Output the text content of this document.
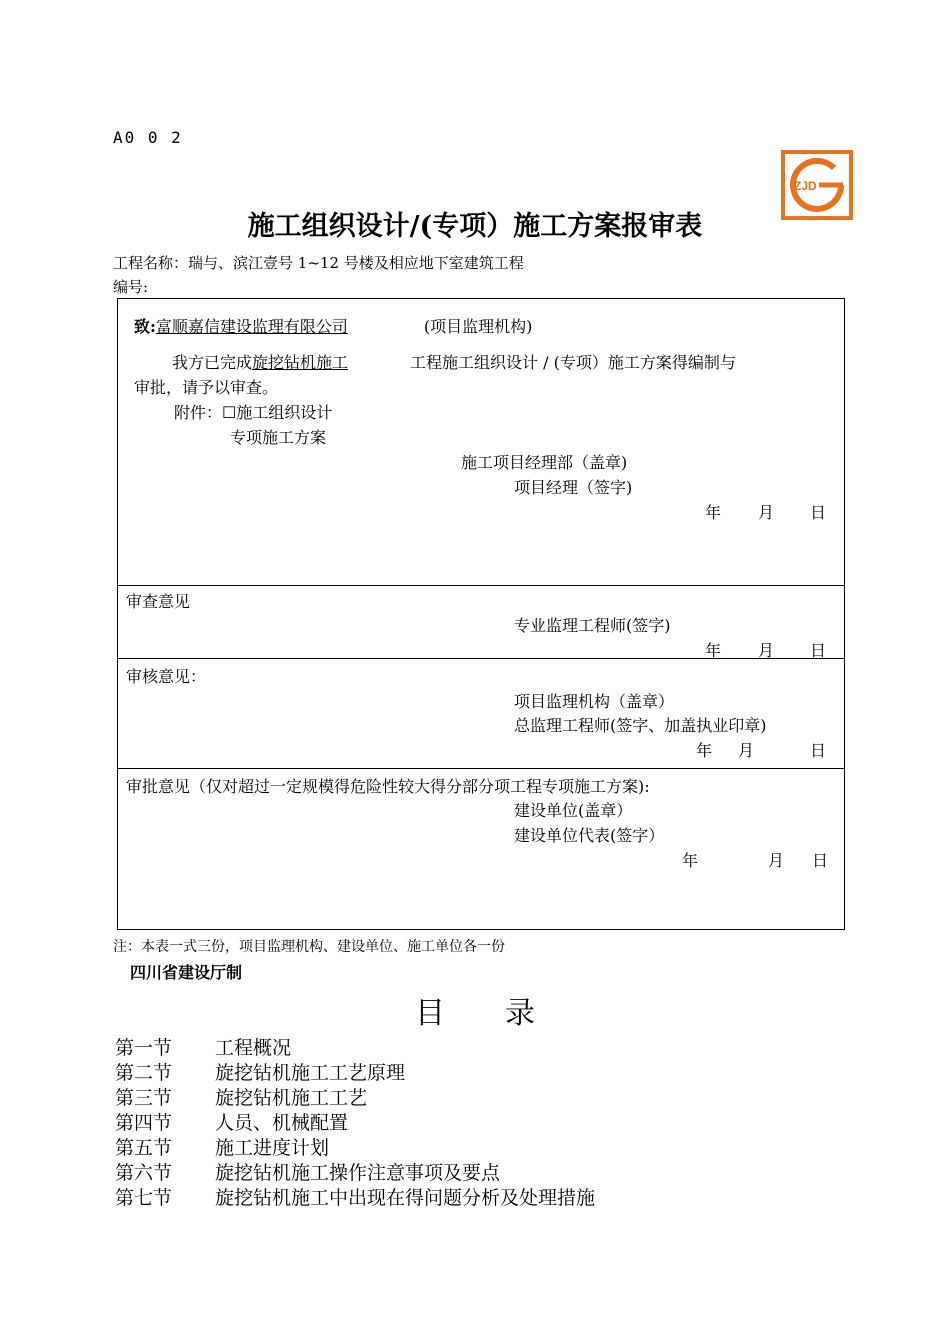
A0 0 2
ZJD
施工组织设计/(专项）施工方案报审表
工程名称：瑞与、滨江壹号 1~12 号楼及相应地下室建筑工程
编号:
致:富顺嘉信建设监理有限公司	(项目监理机构)
我方已完成旋挖钻机施工	工程施工组织设计 / (专项）施工方案得编制与
审批，请予以审查。
附件：☐施工组织设计
专项施工方案
施工项目经理部（盖章)
项目经理（签字)
年 月 日
审查意见
专业监理工程师(签字)
年 月 日
审核意见：
项目监理机构（盖章）
总监理工程师(签字、加盖执业印章)
年 月	日
审批意见（仅对超过一定规模得危险性较大得分部分项工程专项施工方案):
建设单位(盖章）
建设单位代表(签字）
年	月 日
注：本表一式三份，项目监理机构、建设单位、施工单位各一份
四川省建设厅制
目录
第一节 工程概况
第二节 旋挖钻机施工工艺原理
第三节 旋挖钻机施工工艺
第四节 人员、机械配置
第五节 施工进度计划
第六节 旋挖钻机施工操作注意事项及要点
第七节 旋挖钻机施工中出现在得问题分析及处理措施
